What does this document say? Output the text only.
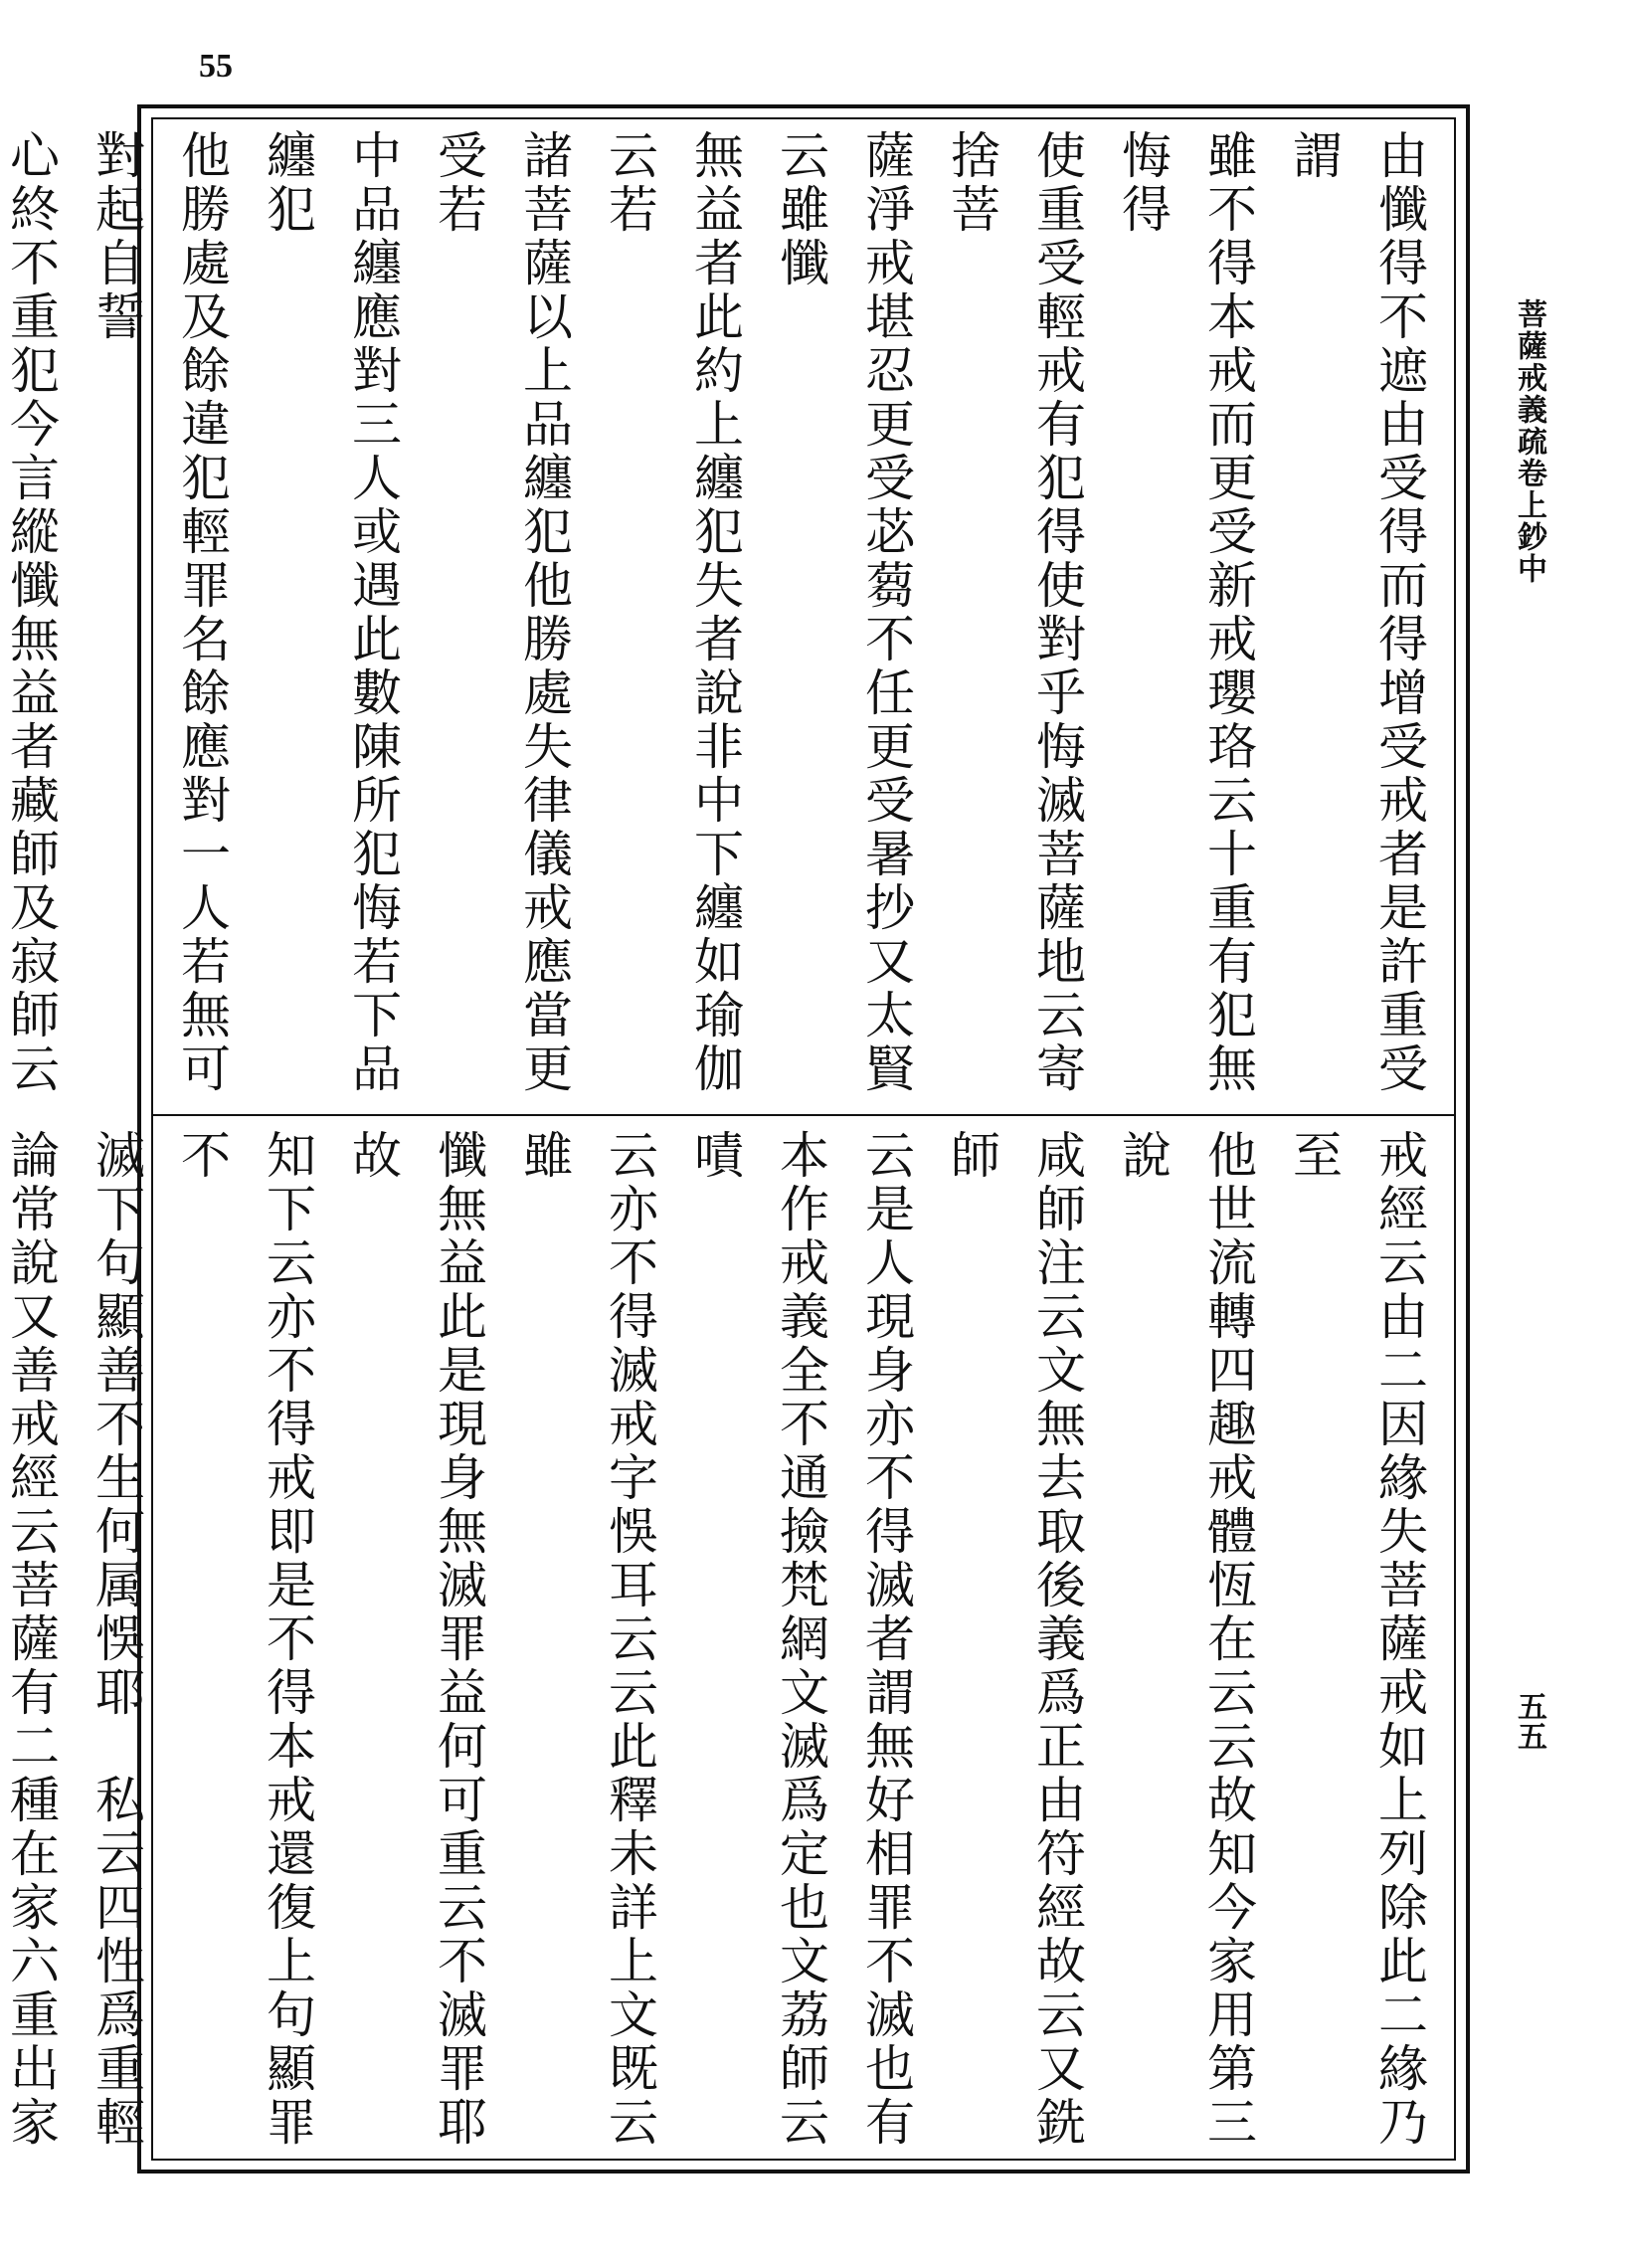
55
由懺得不遮由受得而得增受戒者是許重受謂
雖不得本戒而更受新戒瓔珞云十重有犯無悔得
使重受輕戒有犯得使對乎悔滅菩薩地云寄捨菩
薩淨戒堪忍更受苾蒭不任更受暑抄又太賢云雖懺
無益者此約上纏犯失者說非中下纏如瑜伽云若
諸菩薩以上品纏犯他勝處失律儀戒應當更受若
中品纏應對三人或遇此數陳所犯悔若下品纏犯
他勝處及餘違犯輕罪名餘應對一人若無可對起自誓
心終不重犯今言縱懺無益者藏師及寂師云
戒經云由二因緣失菩薩戒如上列除此二緣乃至
他世流轉四趣戒體恆在云云故知今家用第三說
咸師注云文無去取後義爲正由符經故云又銑師
云是人現身亦不得滅者謂無好相罪不滅也有
本作戒義全不通撿梵網文滅爲定也文荔師云嘖
云亦不得滅戒字悞耳云云此釋未詳上文既云雖
懺無益此是現身無滅罪益何可重云不滅罪耶故
知下云亦不得戒即是不得本戒還復上句顯罪不
滅下句顯善不生何属悞耶　私云四性爲重輕
論常說又善戒經云菩薩有二種在家六重出家
菩薩戒義疏卷上鈔中
五五
